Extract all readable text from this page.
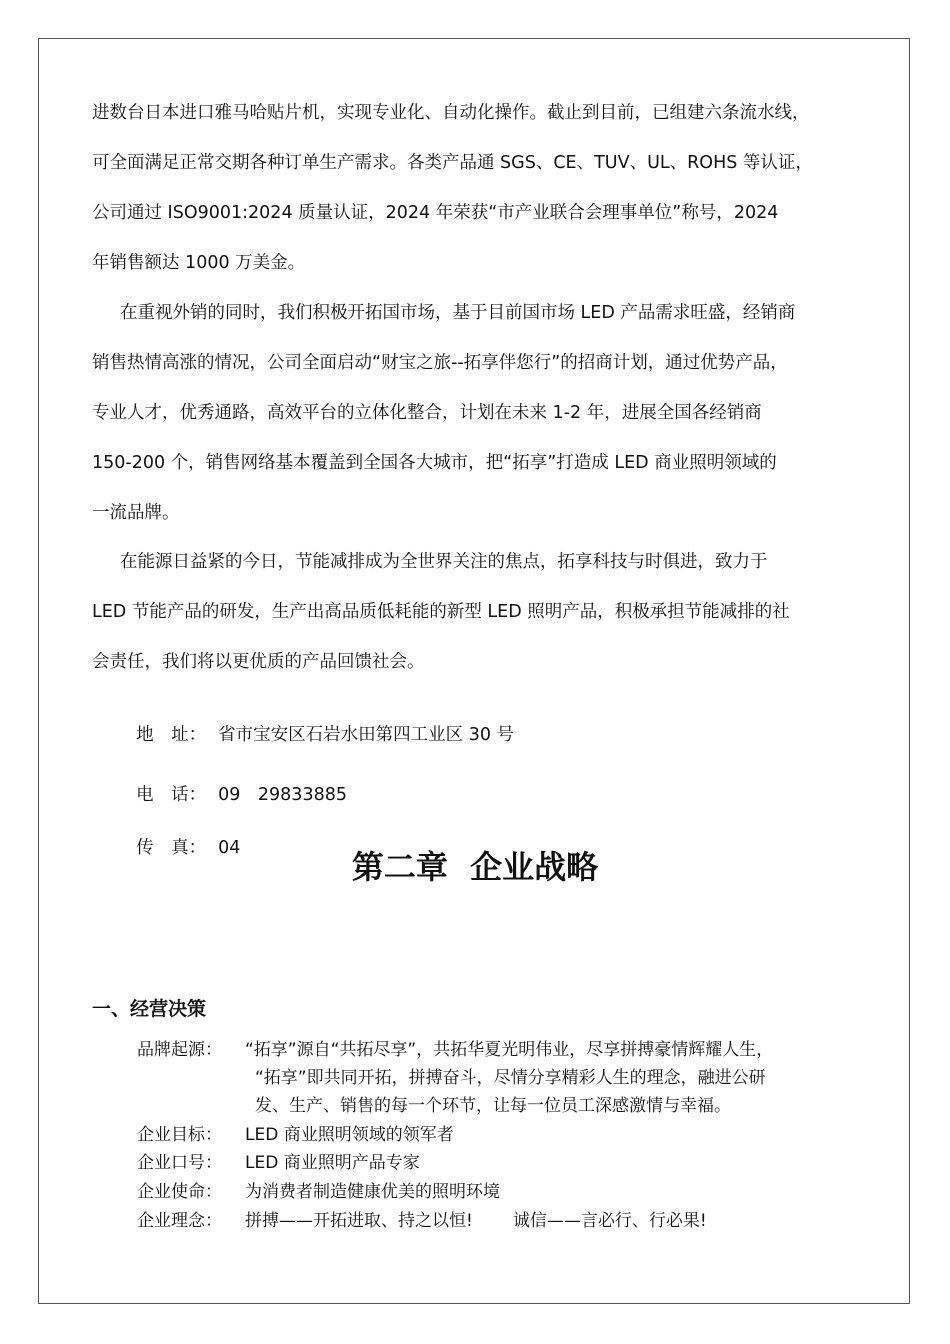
进数台日本进口雅马哈贴片机，实现专业化、自动化操作。截止到目前，已组建六条流水线，
可全面满足正常交期各种订单生产需求。各类产品通 SGS、CE、TUV、UL、ROHS 等认证，
公司通过 ISO9001:2024 质量认证，2024 年荣获“市产业联合会理事单位”称号，2024
年销售额达 1000 万美金。
在重视外销的同时，我们积极开拓国市场，基于目前国市场 LED 产品需求旺盛，经销商
销售热情高涨的情况，公司全面启动“财宝之旅--拓享伴您行”的招商计划，通过优势产品，
专业人才，优秀通路，高效平台的立体化整合，计划在未来 1-2 年，进展全国各经销商
150-200 个，销售网络基本覆盖到全国各大城市，把“拓享”打造成 LED 商业照明领域的
一流品牌。
在能源日益紧的今日，节能减排成为全世界关注的焦点，拓享科技与时俱进，致力于
LED 节能产品的研发，生产出高品质低耗能的新型 LED 照明产品，积极承担节能减排的社
会责任，我们将以更优质的产品回馈社会。

地　址： 省市宝安区石岩水田第四工业区 30 号

电　话： 09　29833885

传　真： 04	第二章  企业战略
一、经营决策
品牌起源：	“拓享”源自“共拓尽享”，共拓华夏光明伟业，尽享拼搏豪情辉耀人生，
“拓享”即共同开拓，拼搏奋斗，尽情分享精彩人生的理念，融进公研
发、生产、销售的每一个环节，让每一位员工深感激情与幸福。
企业目标：	LED 商业照明领域的领军者
企业口号：	LED 商业照明产品专家
企业使命：	为消费者制造健康优美的照明环境
企业理念：	拼搏——开拓进取、持之以恒! 诚信——言必行、行必果!
